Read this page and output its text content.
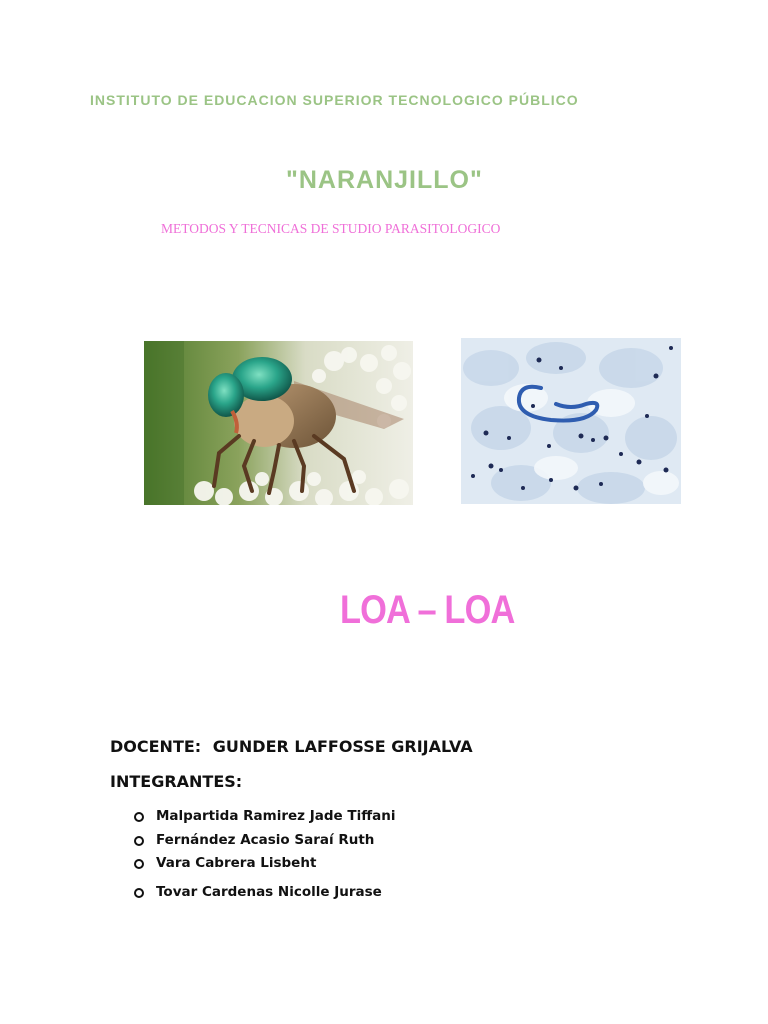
INSTITUTO DE EDUCACION SUPERIOR TECNOLOGICO PÚBLICO
"NARANJILLO"
METODOS Y TECNICAS DE STUDIO PARASITOLOGICO
LOA – LOA
DOCENTE: GUNDER LAFFOSSE GRIJALVA
INTEGRANTES:
Malpartida Ramirez Jade Tiffani
Fernández Acasio Saraí Ruth
Vara Cabrera Lisbeht
Tovar Cardenas Nicolle Jurase
